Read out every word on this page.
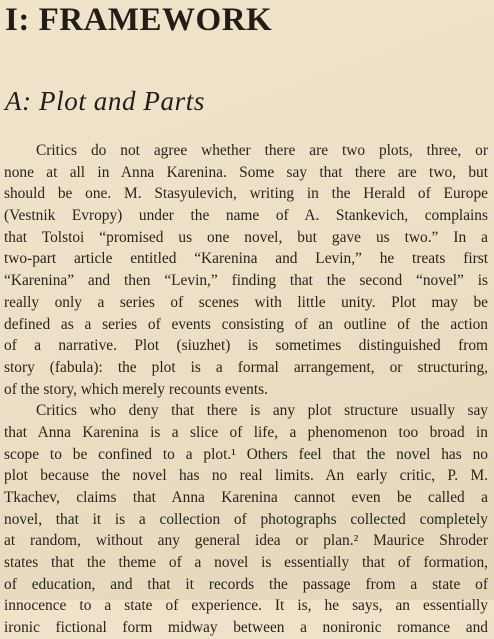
I: FRAMEWORK
A: Plot and Parts
Critics do not agree whether there are two plots, three, or
none at all in Anna Karenina. Some say that there are two, but
should be one. M. Stasyulevich, writing in the Herald of Europe
(Vestnik Evropy) under the name of A. Stankevich, complains
that Tolstoi “promised us one novel, but gave us two.” In a
two-part article entitled “Karenina and Levin,” he treats first
“Karenina” and then “Levin,” finding that the second “novel” is
really only a series of scenes with little unity. Plot may be
defined as a series of events consisting of an outline of the action
of a narrative. Plot (siuzhet) is sometimes distinguished from
story (fabula): the plot is a formal arrangement, or structuring,
of the story, which merely recounts events.
Critics who deny that there is any plot structure usually say
that Anna Karenina is a slice of life, a phenomenon too broad in
scope to be confined to a plot.¹ Others feel that the novel has no
plot because the novel has no real limits. An early critic, P. M.
Tkachev, claims that Anna Karenina cannot even be called a
novel, that it is a collection of photographs collected completely
at random, without any general idea or plan.² Maurice Shroder
states that the theme of a novel is essentially that of formation,
of education, and that it records the passage from a state of
innocence to a state of experience. It is, he says, an essentially
ironic fictional form midway between a nonironic romance and
